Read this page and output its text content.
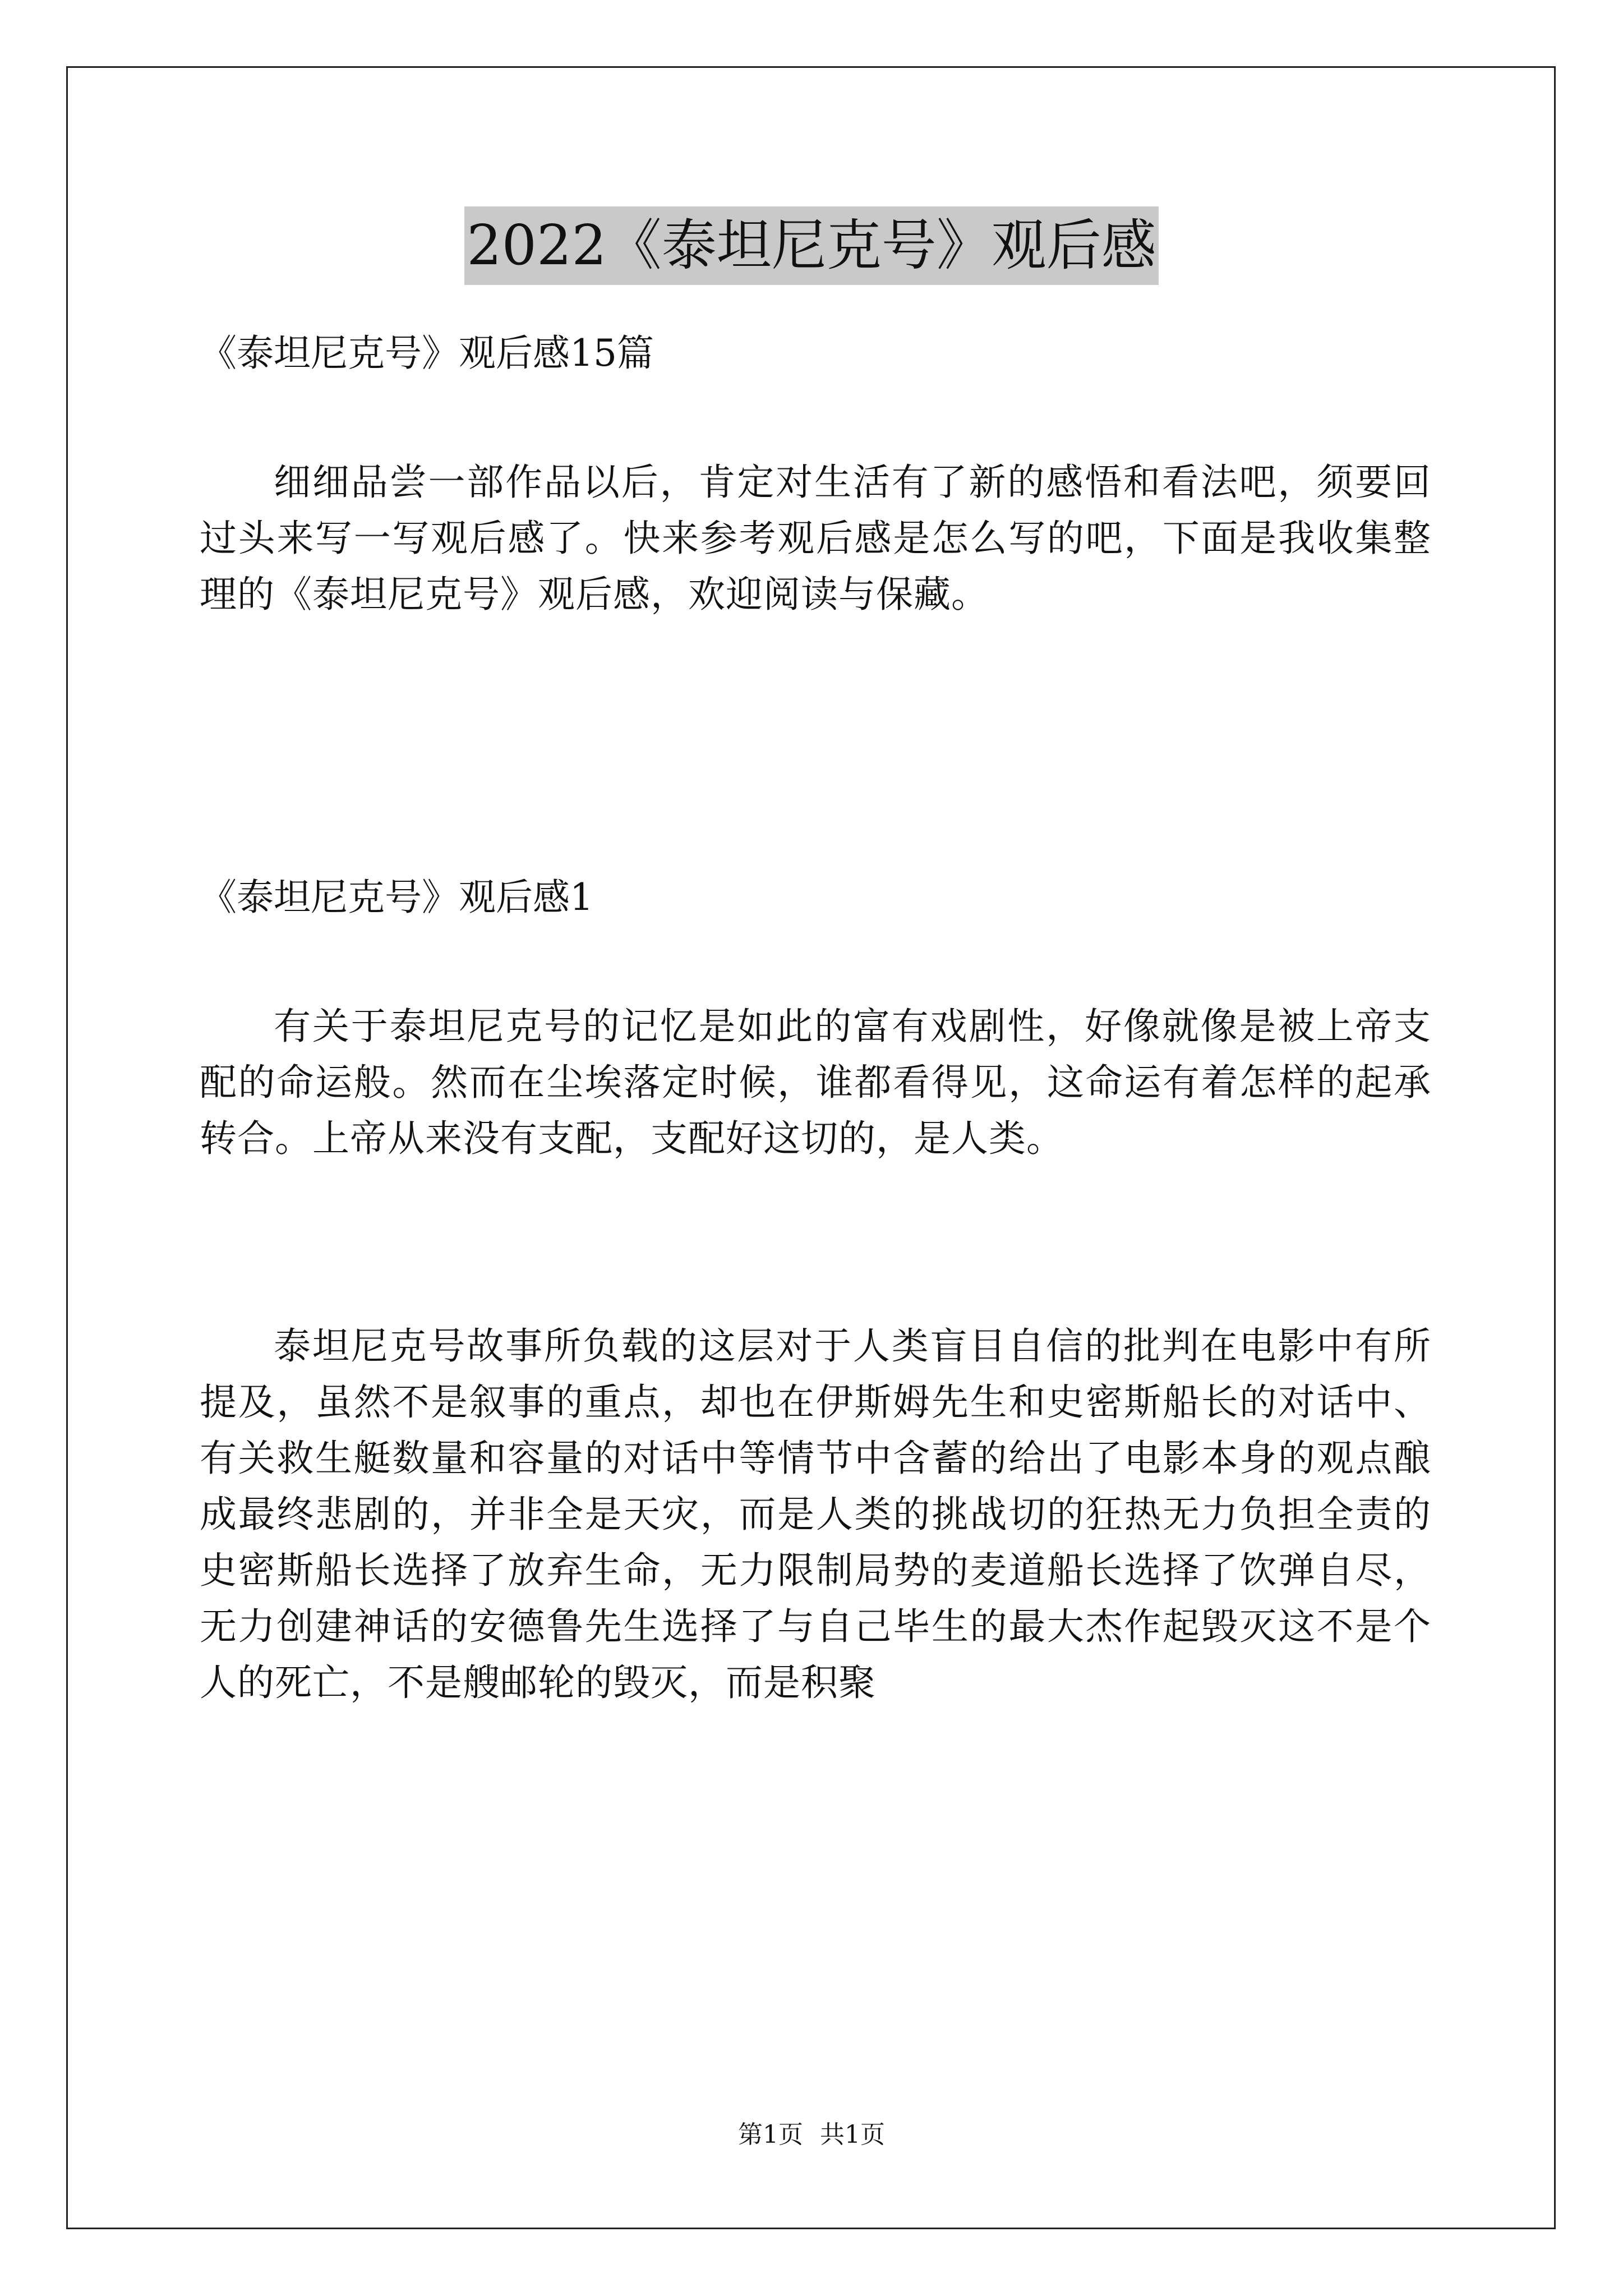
2022《泰坦尼克号》观后感

《泰坦尼克号》观后感15篇

细细品尝一部作品以后，肯定对生活有了新的感悟和看法吧，须要回过头来写一写观后感了。快来参考观后感是怎么写的吧，下面是我收集整理的《泰坦尼克号》观后感，欢迎阅读与保藏。

《泰坦尼克号》观后感1

有关于泰坦尼克号的记忆是如此的富有戏剧性，好像就像是被上帝支配的命运般。然而在尘埃落定时候，谁都看得见，这命运有着怎样的起承转合。上帝从来没有支配，支配好这切的，是人类。

泰坦尼克号故事所负载的这层对于人类盲目自信的批判在电影中有所提及，虽然不是叙事的重点，却也在伊斯姆先生和史密斯船长的对话中、有关救生艇数量和容量的对话中等情节中含蓄的给出了电影本身的观点酿成最终悲剧的，并非全是天灾，而是人类的挑战切的狂热无力负担全责的史密斯船长选择了放弃生命，无力限制局势的麦道船长选择了饮弹自尽，无力创建神话的安德鲁先生选择了与自己毕生的最大杰作起毁灭这不是个人的死亡，不是艘邮轮的毁灭，而是积聚

第1页 共1页
